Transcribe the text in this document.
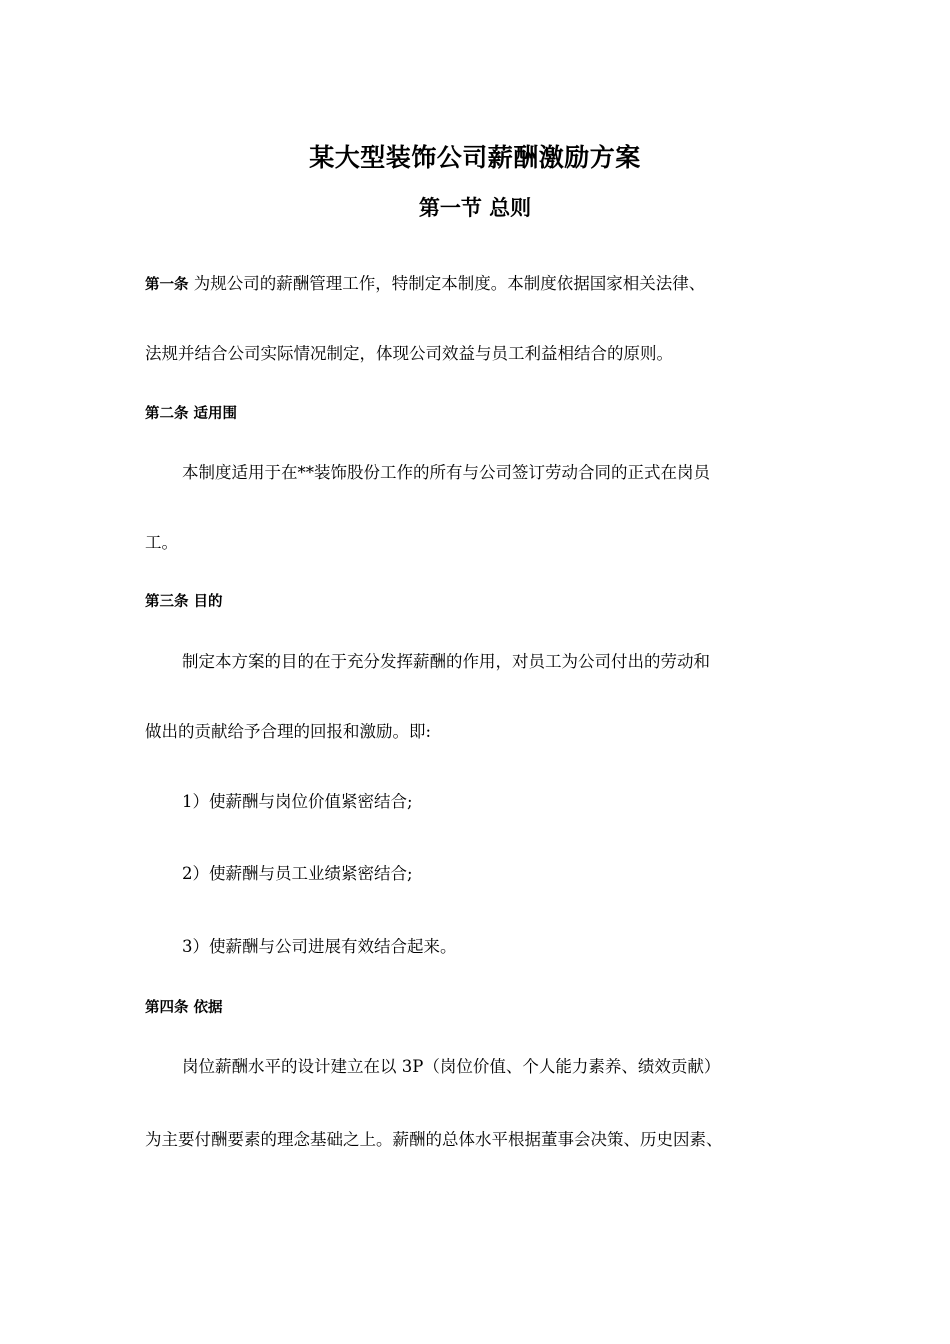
某大型装饰公司薪酬激励方案
第一节 总则
第一条 为规公司的薪酬管理工作，特制定本制度。本制度依据国家相关法律、
法规并结合公司实际情况制定，体现公司效益与员工利益相结合的原则。
第二条 适用围
本制度适用于在**装饰股份工作的所有与公司签订劳动合同的正式在岗员
工。
第三条 目的
制定本方案的目的在于充分发挥薪酬的作用，对员工为公司付出的劳动和
做出的贡献给予合理的回报和激励。即:
1）使薪酬与岗位价值紧密结合;
2）使薪酬与员工业绩紧密结合;
3）使薪酬与公司进展有效结合起来。
第四条 依据
岗位薪酬水平的设计建立在以 3P（岗位价值、个人能力素养、绩效贡献）
为主要付酬要素的理念基础之上。薪酬的总体水平根据董事会决策、历史因素、
